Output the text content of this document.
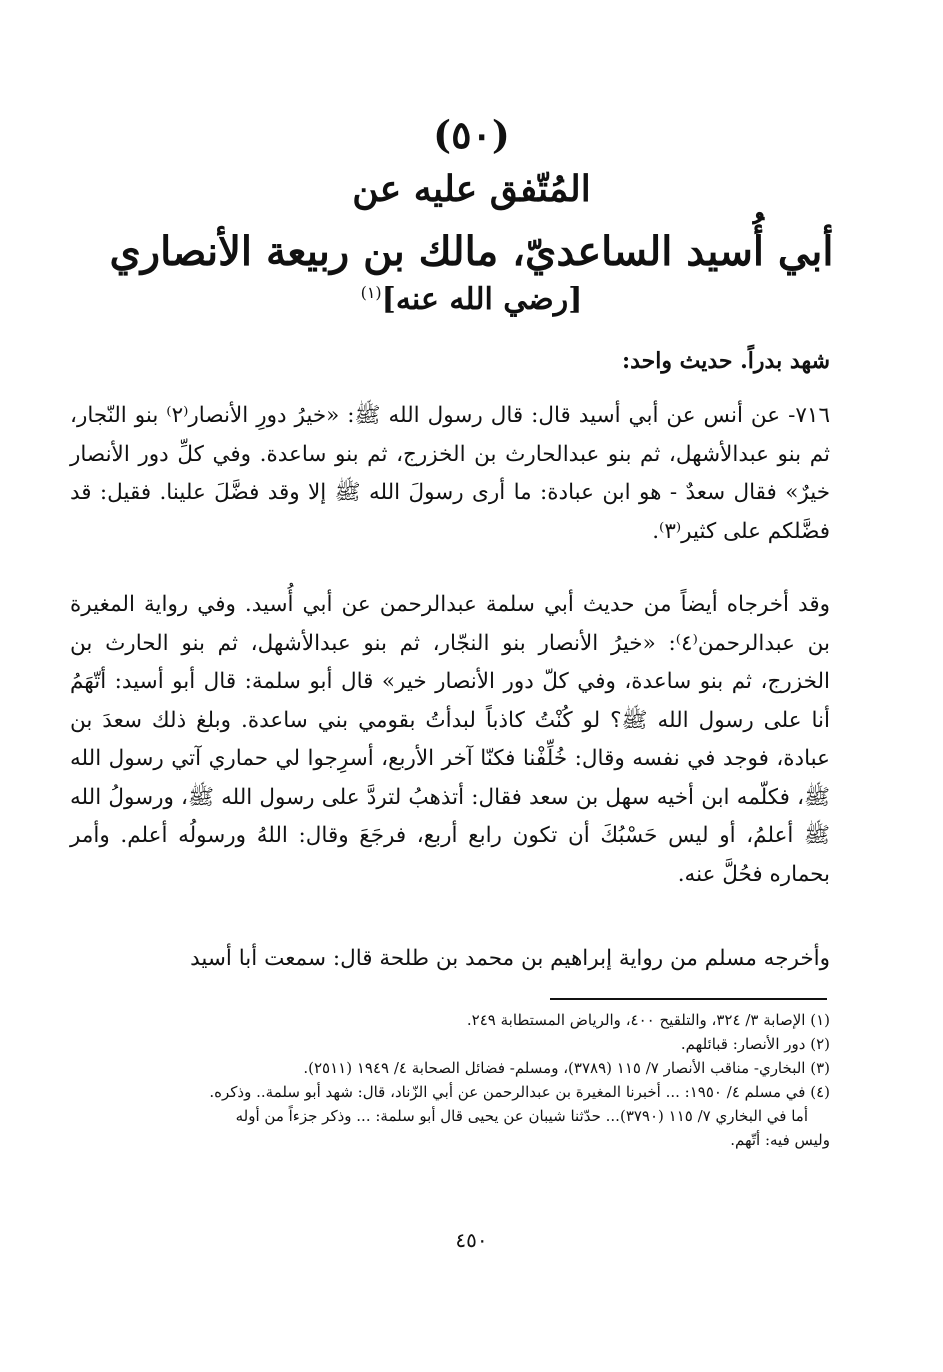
(٥٠)
المُتّفق عليه عن
أبي أُسيد الساعديّ، مالك بن ربيعة الأنصاري
[رضي الله عنه]$^{(١)}$
شهد بدراً. حديث واحد:

٧١٦- عن أنس عن أبي أسيد قال: قال رسول الله ﷺ: «خيرُ دورِ الأنصار⁽٢⁾ بنو النّجار، ثم بنو عبدالأشهل، ثم بنو عبدالحارث بن الخزرج، ثم بنو ساعدة. وفي كلِّ دور الأنصار خيرٌ» فقال سعدٌ - هو ابن عبادة: ما أرى رسولَ الله ﷺ إلا وقد فضَّلَ علينا. فقيل: قد فضَّلكم على كثير⁽٣⁾.

وقد أخرجاه أيضاً من حديث أبي سلمة عبدالرحمن عن أبي أُسيد. وفي رواية المغيرة بن عبدالرحمن⁽٤⁾: «خيرُ الأنصار بنو النجّار، ثم بنو عبدالأشهل، ثم بنو الحارث بن الخزرج، ثم بنو ساعدة، وفي كلّ دور الأنصار خير» قال أبو سلمة: قال أبو أسيد: أتّهَمُ أنا على رسول الله ﷺ؟ لو كُنْتُ كاذباً لبدأتُ بقومي بني ساعدة. وبلغ ذلك سعدَ بن عبادة، فوجد في نفسه وقال: خُلِّفْنا فكنّا آخر الأربع، أسرِجوا لي حماري آتي رسول الله ﷺ، فكلّمه ابن أخيه سهل بن سعد فقال: أتذهبُ لتردَّ على رسول الله ﷺ، ورسولُ الله ﷺ أعلمُ، أو ليس حَسْبُكَ أن تكون رابع أربع، فرجَعَ وقال: اللهُ ورسولُه أعلم. وأمر بحماره فحُلَّ عنه.

وأخرجه مسلم من رواية إبراهيم بن محمد بن طلحة قال: سمعت أبا أسيد

(١) الإصابة ٣/ ٣٢٤، والتلقيح ٤٠٠، والرياض المستطابة ٢٤٩.

(٢) دور الأنصار: قبائلهم.

(٣) البخاري- مناقب الأنصار ٧/ ١١٥ (٣٧٨٩)، ومسلم- فضائل الصحابة ٤/ ١٩٤٩ (٢٥١١).

(٤) في مسلم ٤/ ١٩٥٠: ... أخبرنا المغيرة بن عبدالرحمن عن أبي الزّناد، قال: شهد أبو سلمة.. وذكره.

أما في البخاري ٧/ ١١٥ (٣٧٩٠)... حدّثنا شيبان عن يحيى قال أبو سلمة: ... وذكر جزءاً من أوله

وليس فيه: أتّهم.

٤٥٠
